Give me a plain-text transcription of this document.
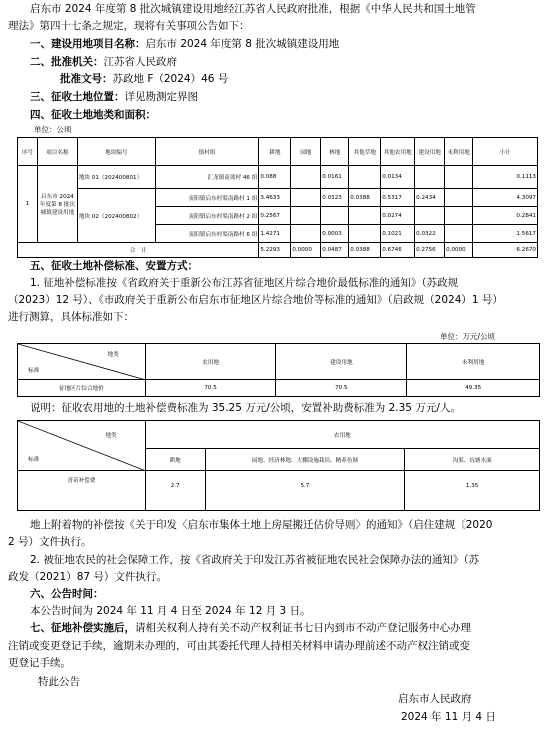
启东市 2024 年度第 8 批次城镇建设用地经江苏省人民政府批准，根据《中华人民共和国土地管
理法》第四十七条之规定，现将有关事项公告如下：
一、建设用地项目名称：启东市 2024 年度第 8 批次城镇建设用地
二、批准机关：江苏省人民政府
批准文号：苏政地 F（2024）46 号
三、征收土地位置：详见勘测定界图
四、征收土地地类和面积：
单位：公顷
序号	项目名称	地块编号	镇村组	耕地	园地	林地	其他草地	其他农用地	建设用地	未利用地	小计
1	启东市 2024 年度第 8 批次城镇建设用地	地块 01（202400801）	汇龙镇南郊村 46 组	0.088		0.0161		0.0134			0.1113
		地块 02（202400802）	寅阳镇启东村渠南路村 1 组	3.4633		0.0323	0.0388	0.5317	0.2434		4.3097
			寅阳镇启东村渠南路村 2 组	0.2567				0.0274			0.2841
			寅阳镇启东村渠南路村 6 组	1.4271		0.0003		0.1021	0.0322		1.5617
合　计				5.2293	0.0000	0.0487	0.0388	0.6746	0.2756	0.0000	6.2670
五、征收土地补偿标准、安置方式：
1. 征地补偿标准按《省政府关于重新公布江苏省征地区片综合地价最低标准的通知》（苏政规
（2023）12 号）、《市政府关于重新公布启东市征地区片综合地价等标准的通知》（启政规（2024）1 号）
进行测算，具体标准如下：
单位：万元/公顷
地类
标准	农用地	建设用地	未利用地
征地区片综合地价	70.5	70.5	49.35
说明：征收农用地的土地补偿费标准为 35.25 万元/公顷，安置补助费标准为 2.35 万元/人。
地类
标准	农用地		
	耕地	园地、经济林地、大棚设施栽培、精养鱼塘	沟渠、坑塘水面
青苗补偿费	2.7	5.7	1.35
地上附着物的补偿按《关于印发〈启东市集体土地上房屋搬迁估价导则〉的通知》（启住建规〔2020
2 号）文件执行。
2. 被征地农民的社会保障工作，按《省政府关于印发江苏省被征地农民社会保障办法的通知》（苏
政发（2021）87 号）文件执行。
六、公告时间：
本公告时间为 2024 年 11 月 4 日至 2024 年 12 月 3 日。
七、征地补偿实施后，请相关权利人持有关不动产权利证书七日内到市不动产登记服务中心办理
注销或变更登记手续，逾期未办理的，可由其委托代理人持相关材料申请办理前述不动产权注销或变
更登记手续。
特此公告
启东市人民政府
2024 年 11 月 4 日
